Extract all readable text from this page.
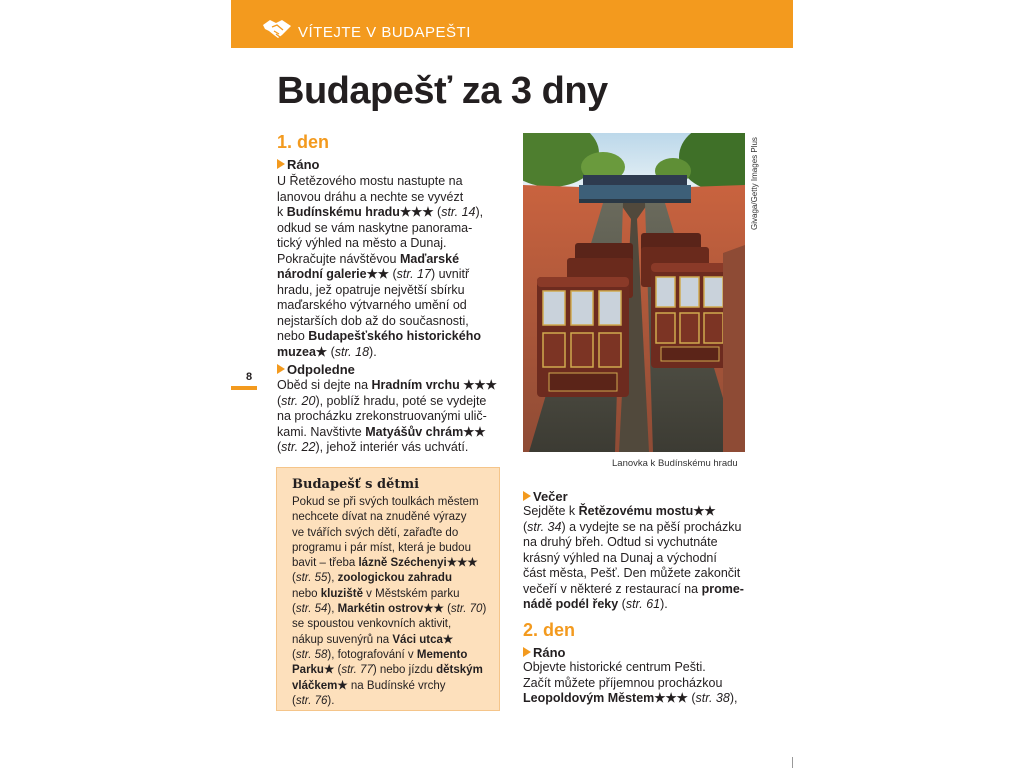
VÍTEJTE V BUDAPEŠTI
Budapešť za 3 dny
1. den
Ráno

U Řetězového mostu nastupte na
lanovou dráhu a nechte se vyvézt
k Budínskému hradu★★★ (str. 14),
odkud se vám naskytne panorama-
tický výhled na město a Dunaj.
Pokračujte návštěvou Maďarské
národní galerie★★ (str. 17) uvnitř
hradu, jež opatruje největší sbírku
maďarského výtvarného umění od
nejstarších dob až do současnosti,
nebo Budapešťského historického
muzea★ (str. 18).

8	Odpoledne

Oběd si dejte na Hradním vrchu ★★★
(str. 20), poblíž hradu, poté se vydejte
na procházku zrekonstruovanými ulič-
kami. Navštivte Matyášův chrám★★
(str. 22), jehož interiér vás uchvátí.

Budapešť s dětmi

Pokud se při svých toulkách městem
nechcete dívat na znuděné výrazy
ve tvářích svých dětí, zařaďte do
programu i pár míst, která je budou
bavit – třeba lázně Széchenyi★★★
(str. 55), zoologickou zahradu
nebo kluziště v Městském parku
(str. 54), Markétin ostrov★★ (str. 70)
se spoustou venkovních aktivit,
nákup suvenýrů na Váci utca★
(str. 58), fotografování v Memento
Parku★ (str. 77) nebo jízdu dětským
vláčkem★ na Budínské vrchy
(str. 76).

Givaga/Getty Images Plus
Lanovka k Budínskému hradu
Večer

Sejděte k Řetězovému mostu★★
(str. 34) a vydejte se na pěší procházku
na druhý břeh. Odtud si vychutnáte
krásný výhled na Dunaj a východní
část města, Pešť. Den můžete zakončit
večeří v některé z restaurací na prome-
nádě podél řeky (str. 61).

2. den
Ráno

Objevte historické centrum Pešti.
Začít můžete příjemnou procházkou
Leopoldovým Městem★★★ (str. 38),
